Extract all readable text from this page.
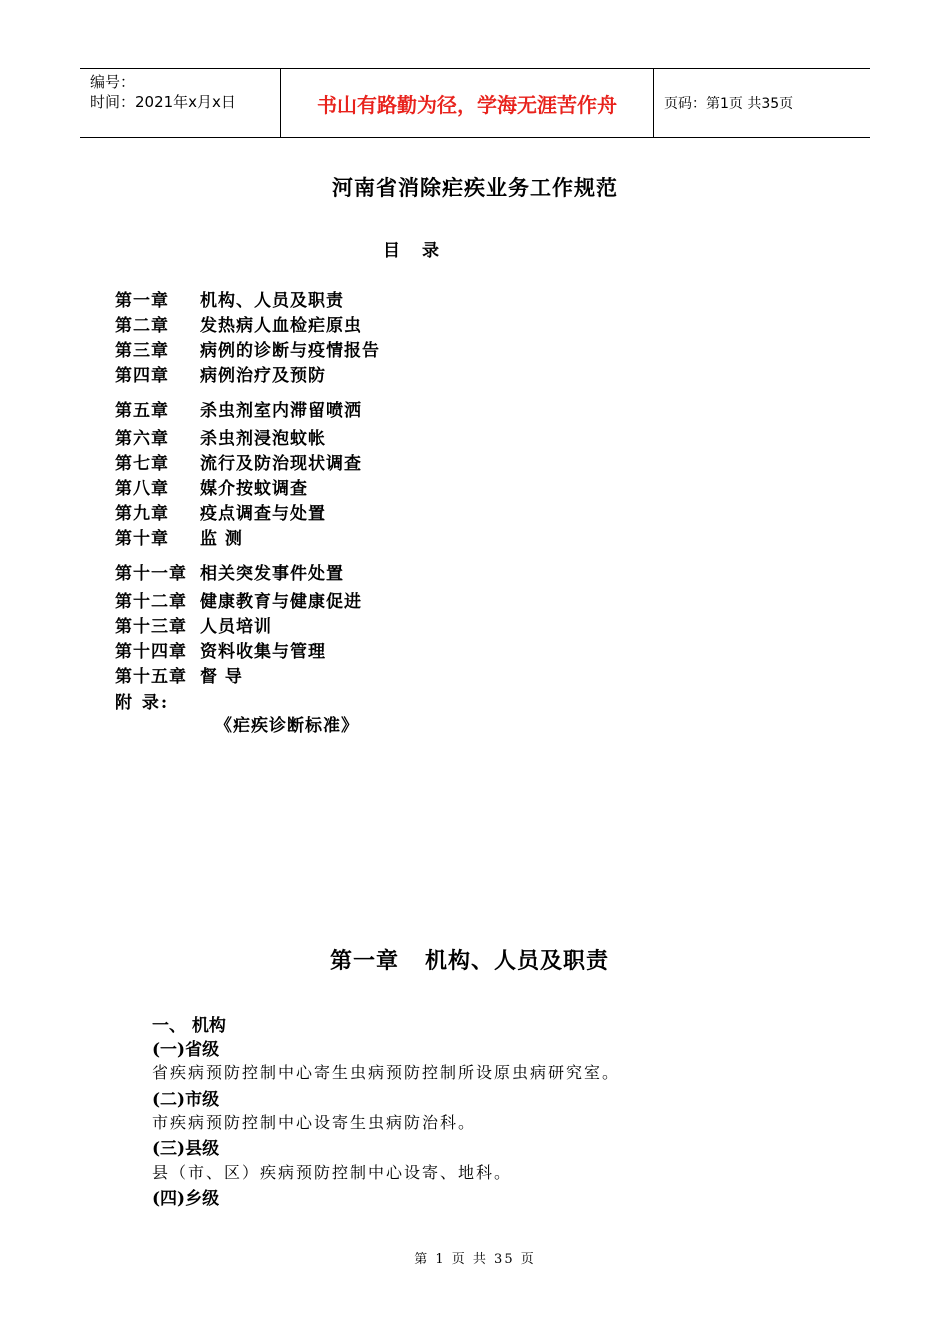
编号：
时间：2021年x月x日	书山有路勤为径，学海无涯苦作舟	页码：第1页 共35页
河南省消除疟疾业务工作规范
目录
第一章 机构、人员及职责
第二章 发热病人血检疟原虫
第三章 病例的诊断与疫情报告
第四章 病例治疗及预防
第五章 杀虫剂室内滞留喷洒
第六章 杀虫剂浸泡蚊帐
第七章 流行及防治现状调查
第八章 媒介按蚊调查
第九章 疫点调查与处置
第十章 监 测
第十一章 相关突发事件处置
第十二章 健康教育与健康促进
第十三章 人员培训
第十四章 资料收集与管理
第十五章 督 导
附 录:
《疟疾诊断标准》
第一章 机构、人员及职责
一、 机构
(一)省级
省疾病预防控制中心寄生虫病预防控制所设原虫病研究室。
(二)市级
市疾病预防控制中心设寄生虫病防治科。
(三)县级
县（市、区）疾病预防控制中心设寄、地科。
(四)乡级
第 1 页 共 35 页
